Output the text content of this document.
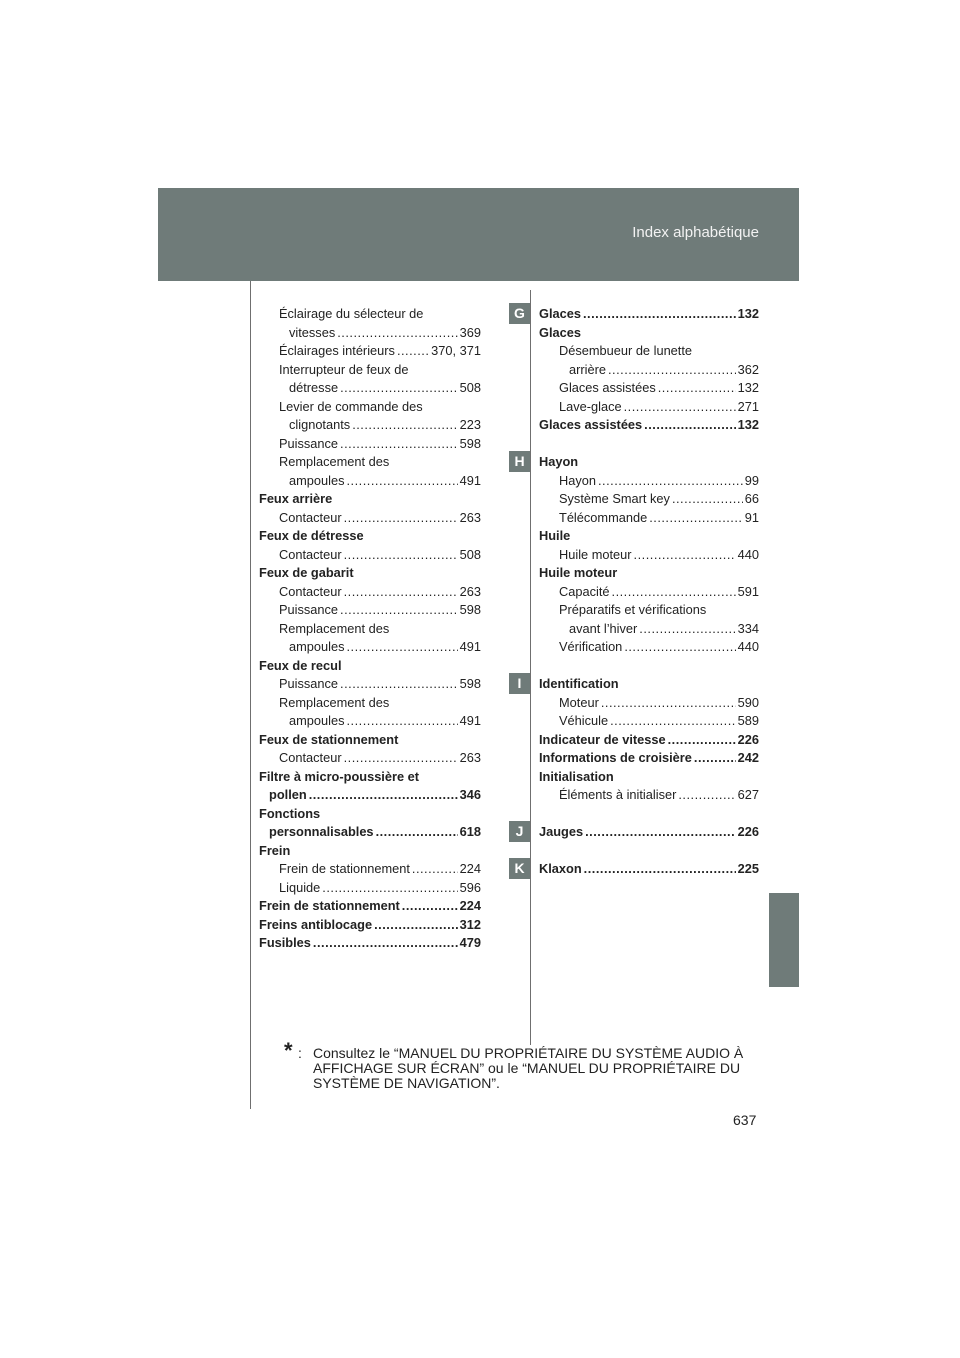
Index alphabétique
Éclairage du sélecteur de
vitesses .....	369
Éclairages intérieurs .....	370, 371
Interrupteur de feux de
détresse .....	508
Levier de commande des
clignotants .....	223
Puissance .....	598
Remplacement des
ampoules .....	491
Feux arrière
Contacteur .....	263
Feux de détresse
Contacteur .....	508
Feux de gabarit
Contacteur .....	263
Puissance .....	598
Remplacement des
ampoules .....	491
Feux de recul
Puissance .....	598
Remplacement des
ampoules .....	491
Feux de stationnement
Contacteur .....	263
Filtre à micro-poussière et
pollen .....	346
Fonctions
personnalisables .....	618
Frein
Frein de stationnement .....	224
Liquide .....	596
Frein de stationnement .....	224
Freins antiblocage .....	312
Fusibles .....	479
Glaces .....	132
Glaces
Désembueur de lunette
arrière .....	362
Glaces assistées .....	132
Lave-glace .....	271
Glaces assistées .....	132
Hayon
Hayon .....	99
Système Smart key .....	66
Télécommande .....	91
Huile
Huile moteur .....	440
Huile moteur
Capacité .....	591
Préparatifs et vérifications
avant l’hiver .....	334
Vérification .....	440
Identification
Moteur .....	590
Véhicule .....	589
Indicateur de vitesse .....	226
Informations de croisière .....	242
Initialisation
Éléments à initialiser .....	627
Jauges .....	226
Klaxon .....	225
* : Consultez le “MANUEL DU PROPRIÉTAIRE DU SYSTÈME AUDIO À AFFICHAGE SUR ÉCRAN” ou le “MANUEL DU PROPRIÉTAIRE DU SYSTÈME DE NAVIGATION”.
637
G
H
I
J
K
